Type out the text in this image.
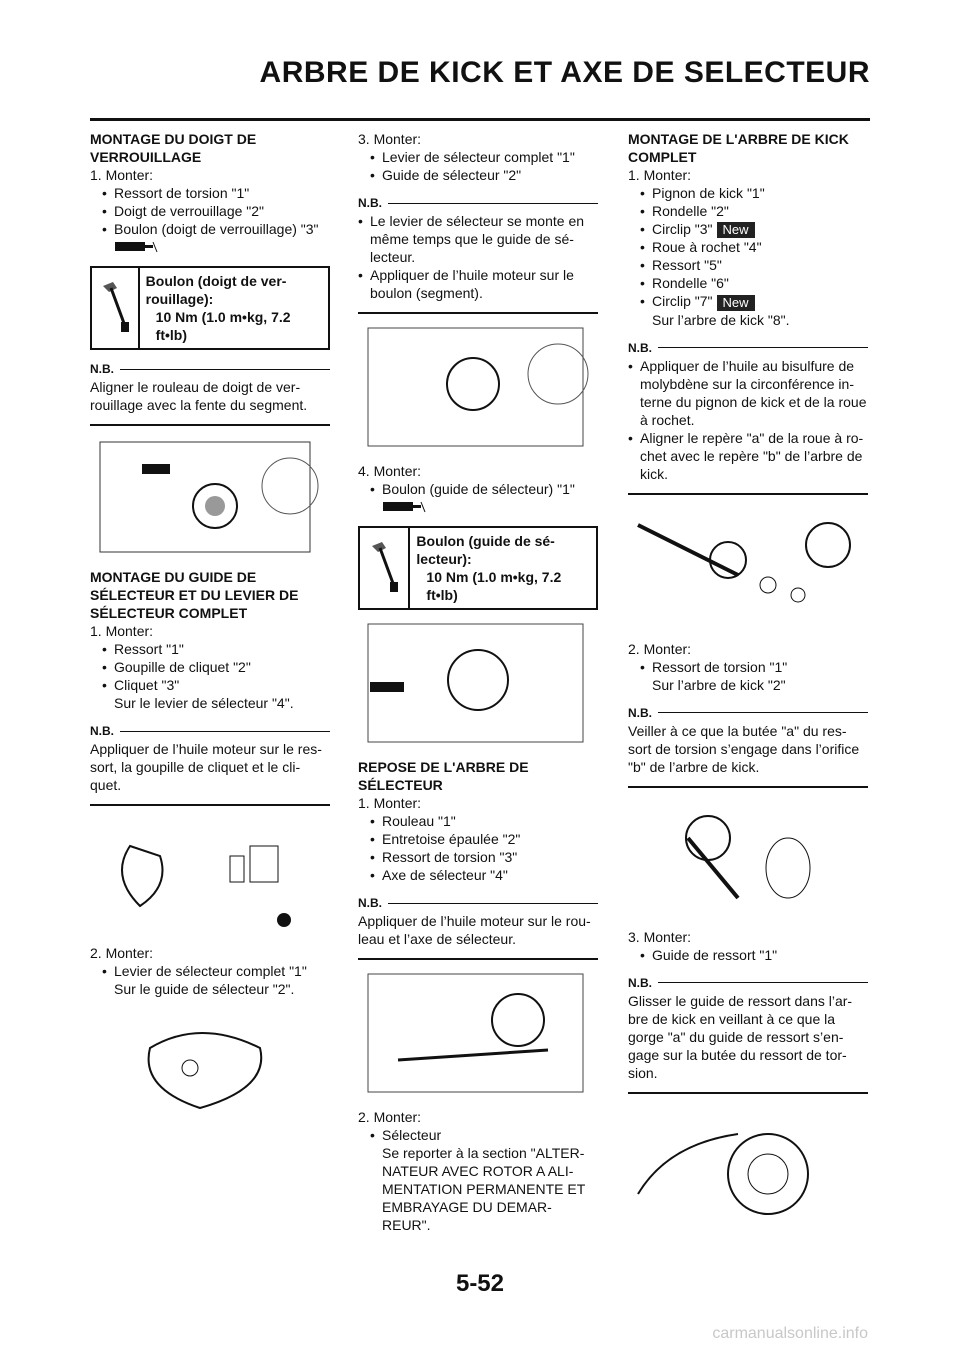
ARBRE DE KICK ET AXE DE SELECTEUR
MONTAGE DU DOIGT DE VERROUILLAGE
1. Monter:
• Ressort de torsion "1"
• Doigt de verrouillage "2"
• Boulon (doigt de verrouillage) "3"
Boulon (doigt de ver-rouillage):
10 Nm (1.0 m•kg, 7.2 ft•lb)
N.B.
Aligner le rouleau de doigt de ver-rouillage avec la fente du segment.
MONTAGE DU GUIDE DE SÉLECTEUR ET DU LEVIER DE SÉLECTEUR COMPLET
1. Monter:
• Ressort "1"
• Goupille de cliquet "2"
• Cliquet "3"
Sur le levier de sélecteur "4".
N.B.
Appliquer de l’huile moteur sur le res-sort, la goupille de cliquet et le cli-quet.
2. Monter:
• Levier de sélecteur complet "1"
Sur le guide de sélecteur "2".
3. Monter:
• Levier de sélecteur complet "1"
• Guide de sélecteur "2"
N.B.
• Le levier de sélecteur se monte en même temps que le guide de sé-lecteur.
• Appliquer de l’huile moteur sur le boulon (segment).
4. Monter:
• Boulon (guide de sélecteur) "1"
Boulon (guide de sé-lecteur):
10 Nm (1.0 m•kg, 7.2 ft•lb)
REPOSE DE L'ARBRE DE SÉLECTEUR
1. Monter:
• Rouleau "1"
• Entretoise épaulée "2"
• Ressort de torsion "3"
• Axe de sélecteur "4"
N.B.
Appliquer de l’huile moteur sur le rou-leau et l’axe de sélecteur.
2. Monter:
• Sélecteur
Se reporter à la section "ALTER-NATEUR AVEC ROTOR A ALI-MENTATION PERMANENTE ET EMBRAYAGE DU DEMAR-REUR".
MONTAGE DE L'ARBRE DE KICK COMPLET
1. Monter:
• Pignon de kick "1"
• Rondelle "2"
• Circlip "3" New
• Roue à rochet "4"
• Ressort "5"
• Rondelle "6"
• Circlip "7" New
Sur l’arbre de kick "8".
N.B.
• Appliquer de l’huile au bisulfure de molybdène sur la circonférence in-terne du pignon de kick et de la roue à rochet.
• Aligner le repère "a" de la roue à ro-chet avec le repère "b" de l’arbre de kick.
2. Monter:
• Ressort de torsion "1"
Sur l’arbre de kick "2"
N.B.
Veiller à ce que la butée "a" du res-sort de torsion s’engage dans l’orifice "b" de l’arbre de kick.
3. Monter:
• Guide de ressort "1"
N.B.
Glisser le guide de ressort dans l’ar-bre de kick en veillant à ce que la gorge "a" du guide de ressort s’en-gage sur la butée du ressort de tor-sion.
5-52
carmanualsonline.info
